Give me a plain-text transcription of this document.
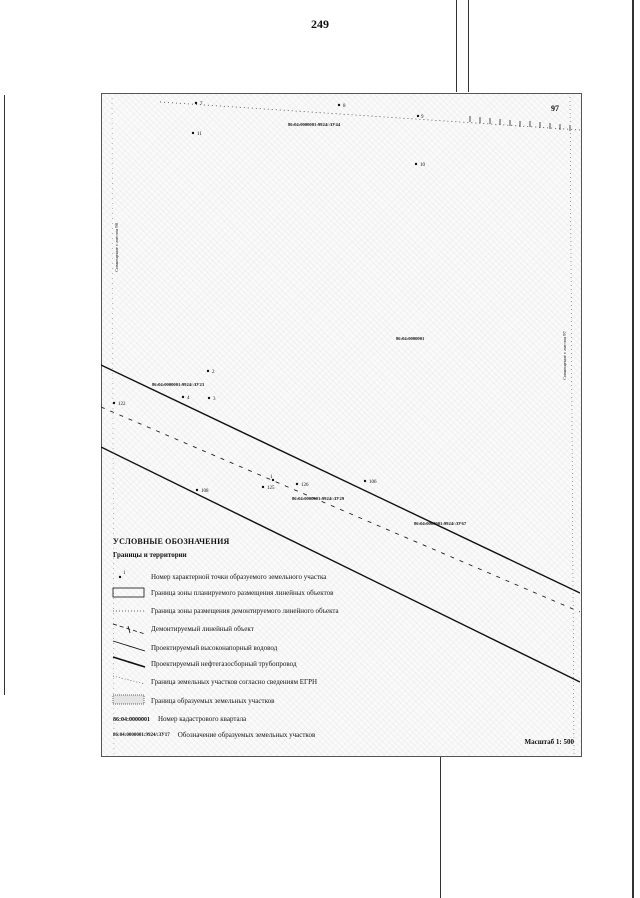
249
7	8
9
11
10
2
4	3
122
1
125
126
108
106
86:04:0000001:9924/:ЗУ44
86:04:0000001
86:04:0000001:9924/:ЗУ23
86:04:0000001:9924/:ЗУ29
86:04:0000001:9924/:ЗУ67
Совмещение с листом 98
Совмещение с листом 97
1
97
УСЛОВНЫЕ ОБОЗНАЧЕНИЯ
Границы и территории
Номер характерной точки образуемого земельного участка
Граница зоны планируемого размещения линейных объектов
Граница зоны размещения демонтируемого линейного объекта
Демонтируемый линейный объект
Проектируемый высоконапорный водовод
Проектируемый нефтегазосборный трубопровод
Граница земельных участков согласно сведениям ЕГРН
Граница образуемых земельных участков
86:04:0000001 Номер кадастрового квартала
86:04:0000001:9924/:ЗУ17 Обозначение образуемых земельных участков
Масштаб 1: 500
